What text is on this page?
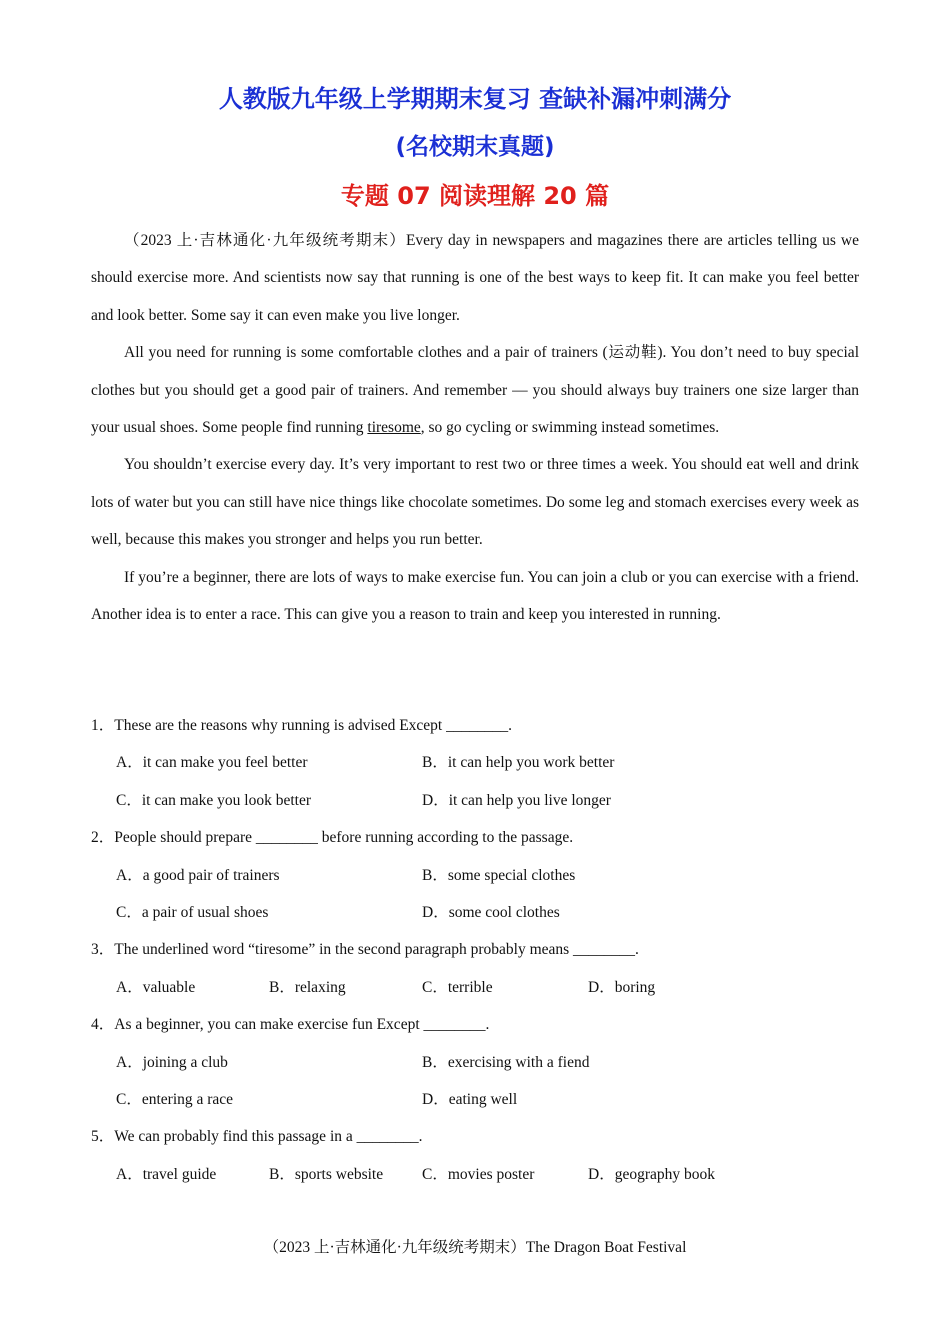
人教版九年级上学期期末复习 查缺补漏冲刺满分
(名校期末真题)
专题 07 阅读理解 20 篇

（2023 上·吉林通化·九年级统考期末）Every day in newspapers and magazines there are articles telling us we should exercise more. And scientists now say that running is one of the best ways to keep fit. It can make you feel better and look better. Some say it can even make you live longer.

All you need for running is some comfortable clothes and a pair of trainers (运动鞋). You don’t need to buy special clothes but you should get a good pair of trainers. And remember — you should always buy trainers one size larger than your usual shoes. Some people find running tiresome, so go cycling or swimming instead sometimes.

You shouldn’t exercise every day. It’s very important to rest two or three times a week. You should eat well and drink lots of water but you can still have nice things like chocolate sometimes. Do some leg and stomach exercises every week as well, because this makes you stronger and helps you run better.

If you’re a beginner, there are lots of ways to make exercise fun. You can join a club or you can exercise with a friend. Another idea is to enter a race. This can give you a reason to train and keep you interested in running.

1．These are the reasons why running is advised Except ________.
A．it can make you feel better	B．it can help you work better
C．it can make you look better	D．it can help you live longer
2．People should prepare ________ before running according to the passage.
A．a good pair of trainers	B．some special clothes
C．a pair of usual shoes	D．some cool clothes
3．The underlined word “tiresome” in the second paragraph probably means ________.
A．valuable	B．relaxing	C．terrible	D．boring
4．As a beginner, you can make exercise fun Except ________.
A．joining a club	B．exercising with a fiend
C．entering a race	D．eating well
5．We can probably find this passage in a ________.
A．travel guide	B．sports website	C．movies poster	D．geography book
（2023 上·吉林通化·九年级统考期末）The Dragon Boat Festival
